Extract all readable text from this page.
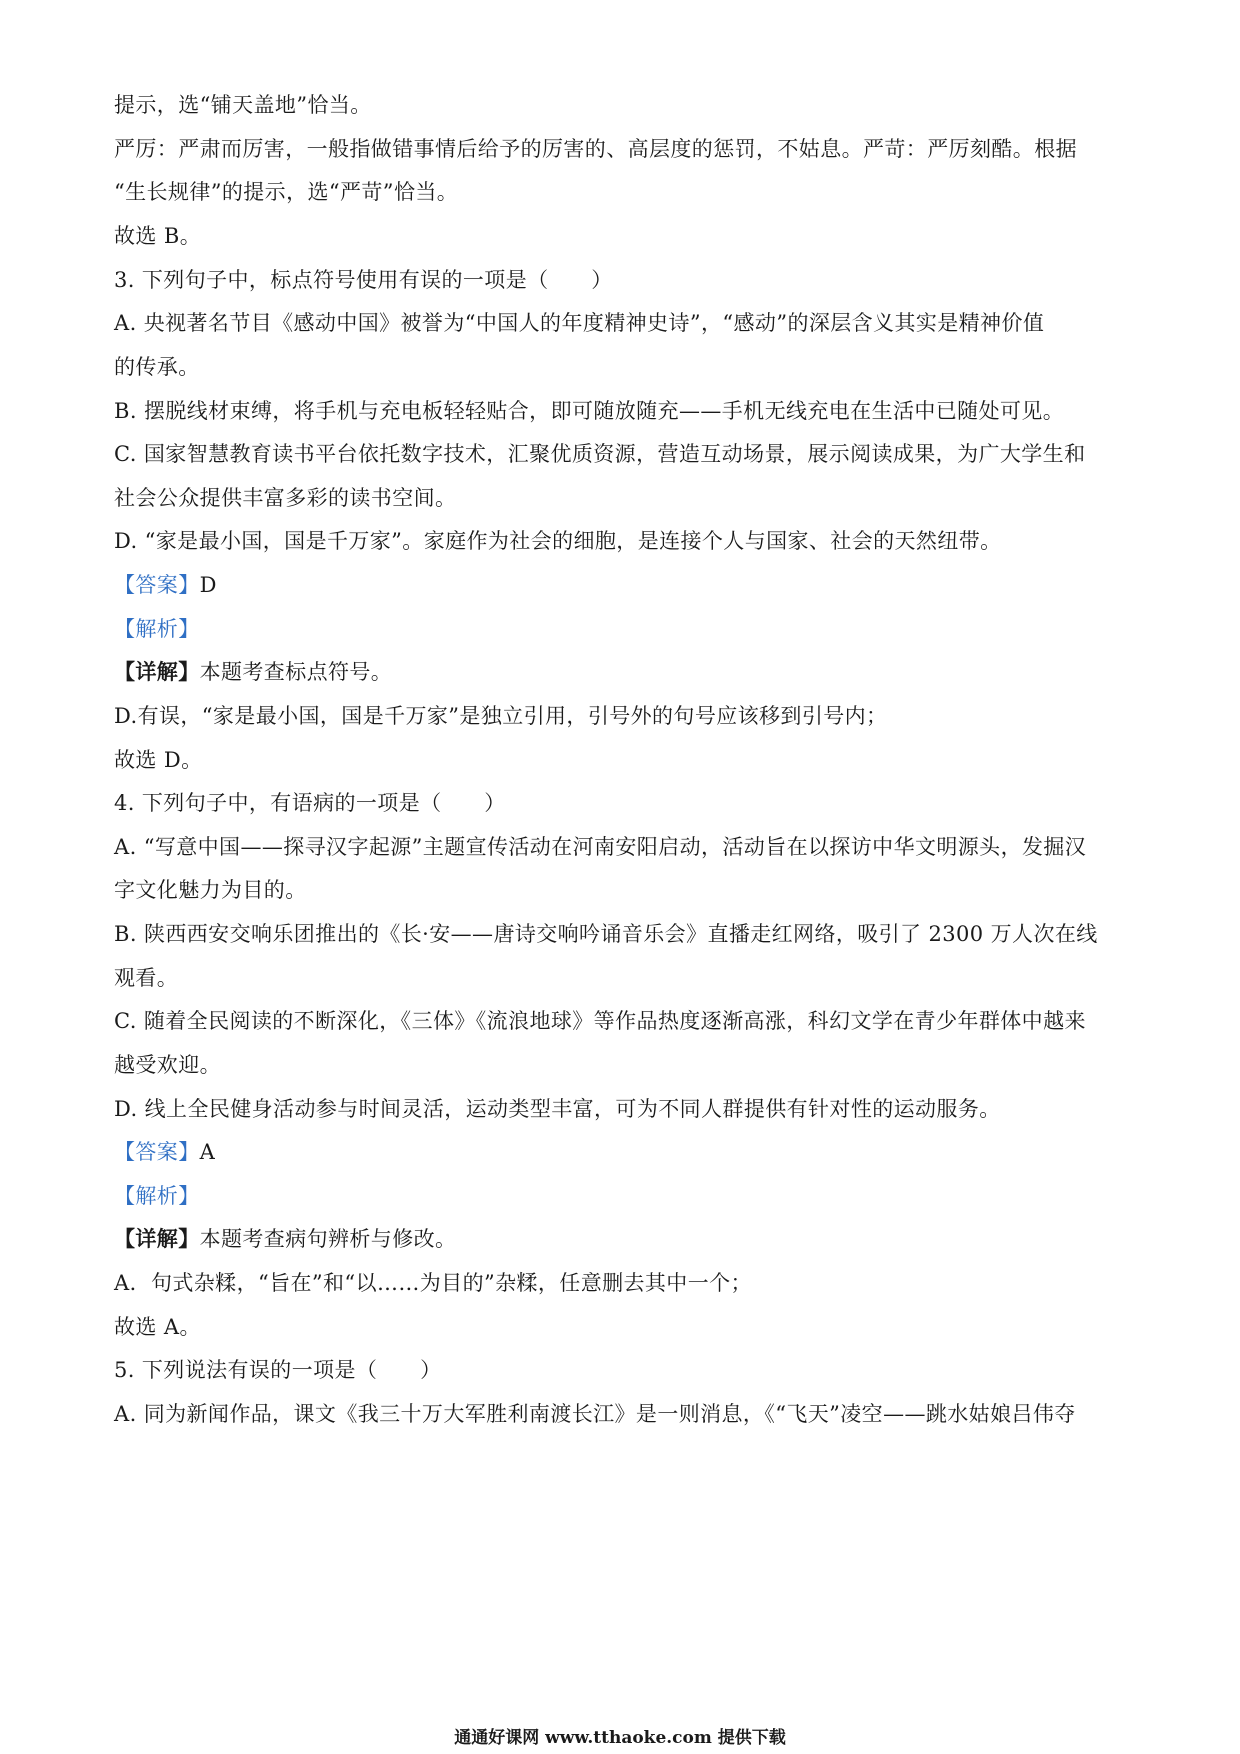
提示，选“铺天盖地”恰当。
严厉：严肃而厉害，一般指做错事情后给予的厉害的、高层度的惩罚，不姑息。严苛：严厉刻酷。根据
“生长规律”的提示，选“严苛”恰当。
故选 B。
3. 下列句子中，标点符号使用有误的一项是（　　）
A. 央视著名节目《感动中国》被誉为“中国人的年度精神史诗”，“感动”的深层含义其实是精神价值
的传承。
B. 摆脱线材束缚，将手机与充电板轻轻贴合，即可随放随充——手机无线充电在生活中已随处可见。
C. 国家智慧教育读书平台依托数字技术，汇聚优质资源，营造互动场景，展示阅读成果，为广大学生和
社会公众提供丰富多彩的读书空间。
D. “家是最小国，国是千万家”。家庭作为社会的细胞，是连接个人与国家、社会的天然纽带。
【答案】D
【解析】
【详解】本题考查标点符号。
D.有误，“家是最小国，国是千万家”是独立引用，引号外的句号应该移到引号内；
故选 D。
4. 下列句子中，有语病的一项是（　　）
A. “写意中国——探寻汉字起源”主题宣传活动在河南安阳启动，活动旨在以探访中华文明源头，发掘汉
字文化魅力为目的。
B. 陕西西安交响乐团推出的《长·安——唐诗交响吟诵音乐会》直播走红网络，吸引了 2300 万人次在线
观看。
C. 随着全民阅读的不断深化，《三体》《流浪地球》等作品热度逐渐高涨，科幻文学在青少年群体中越来
越受欢迎。
D. 线上全民健身活动参与时间灵活，运动类型丰富，可为不同人群提供有针对性的运动服务。
【答案】A
【解析】
【详解】本题考查病句辨析与修改。
A．句式杂糅，“旨在”和“以……为目的”杂糅，任意删去其中一个；
故选 A。
5. 下列说法有误的一项是（　　）
A. 同为新闻作品，课文《我三十万大军胜利南渡长江》是一则消息，《“飞天”凌空——跳水姑娘吕伟夺
通通好课网 www.tthaoke.com 提供下载
